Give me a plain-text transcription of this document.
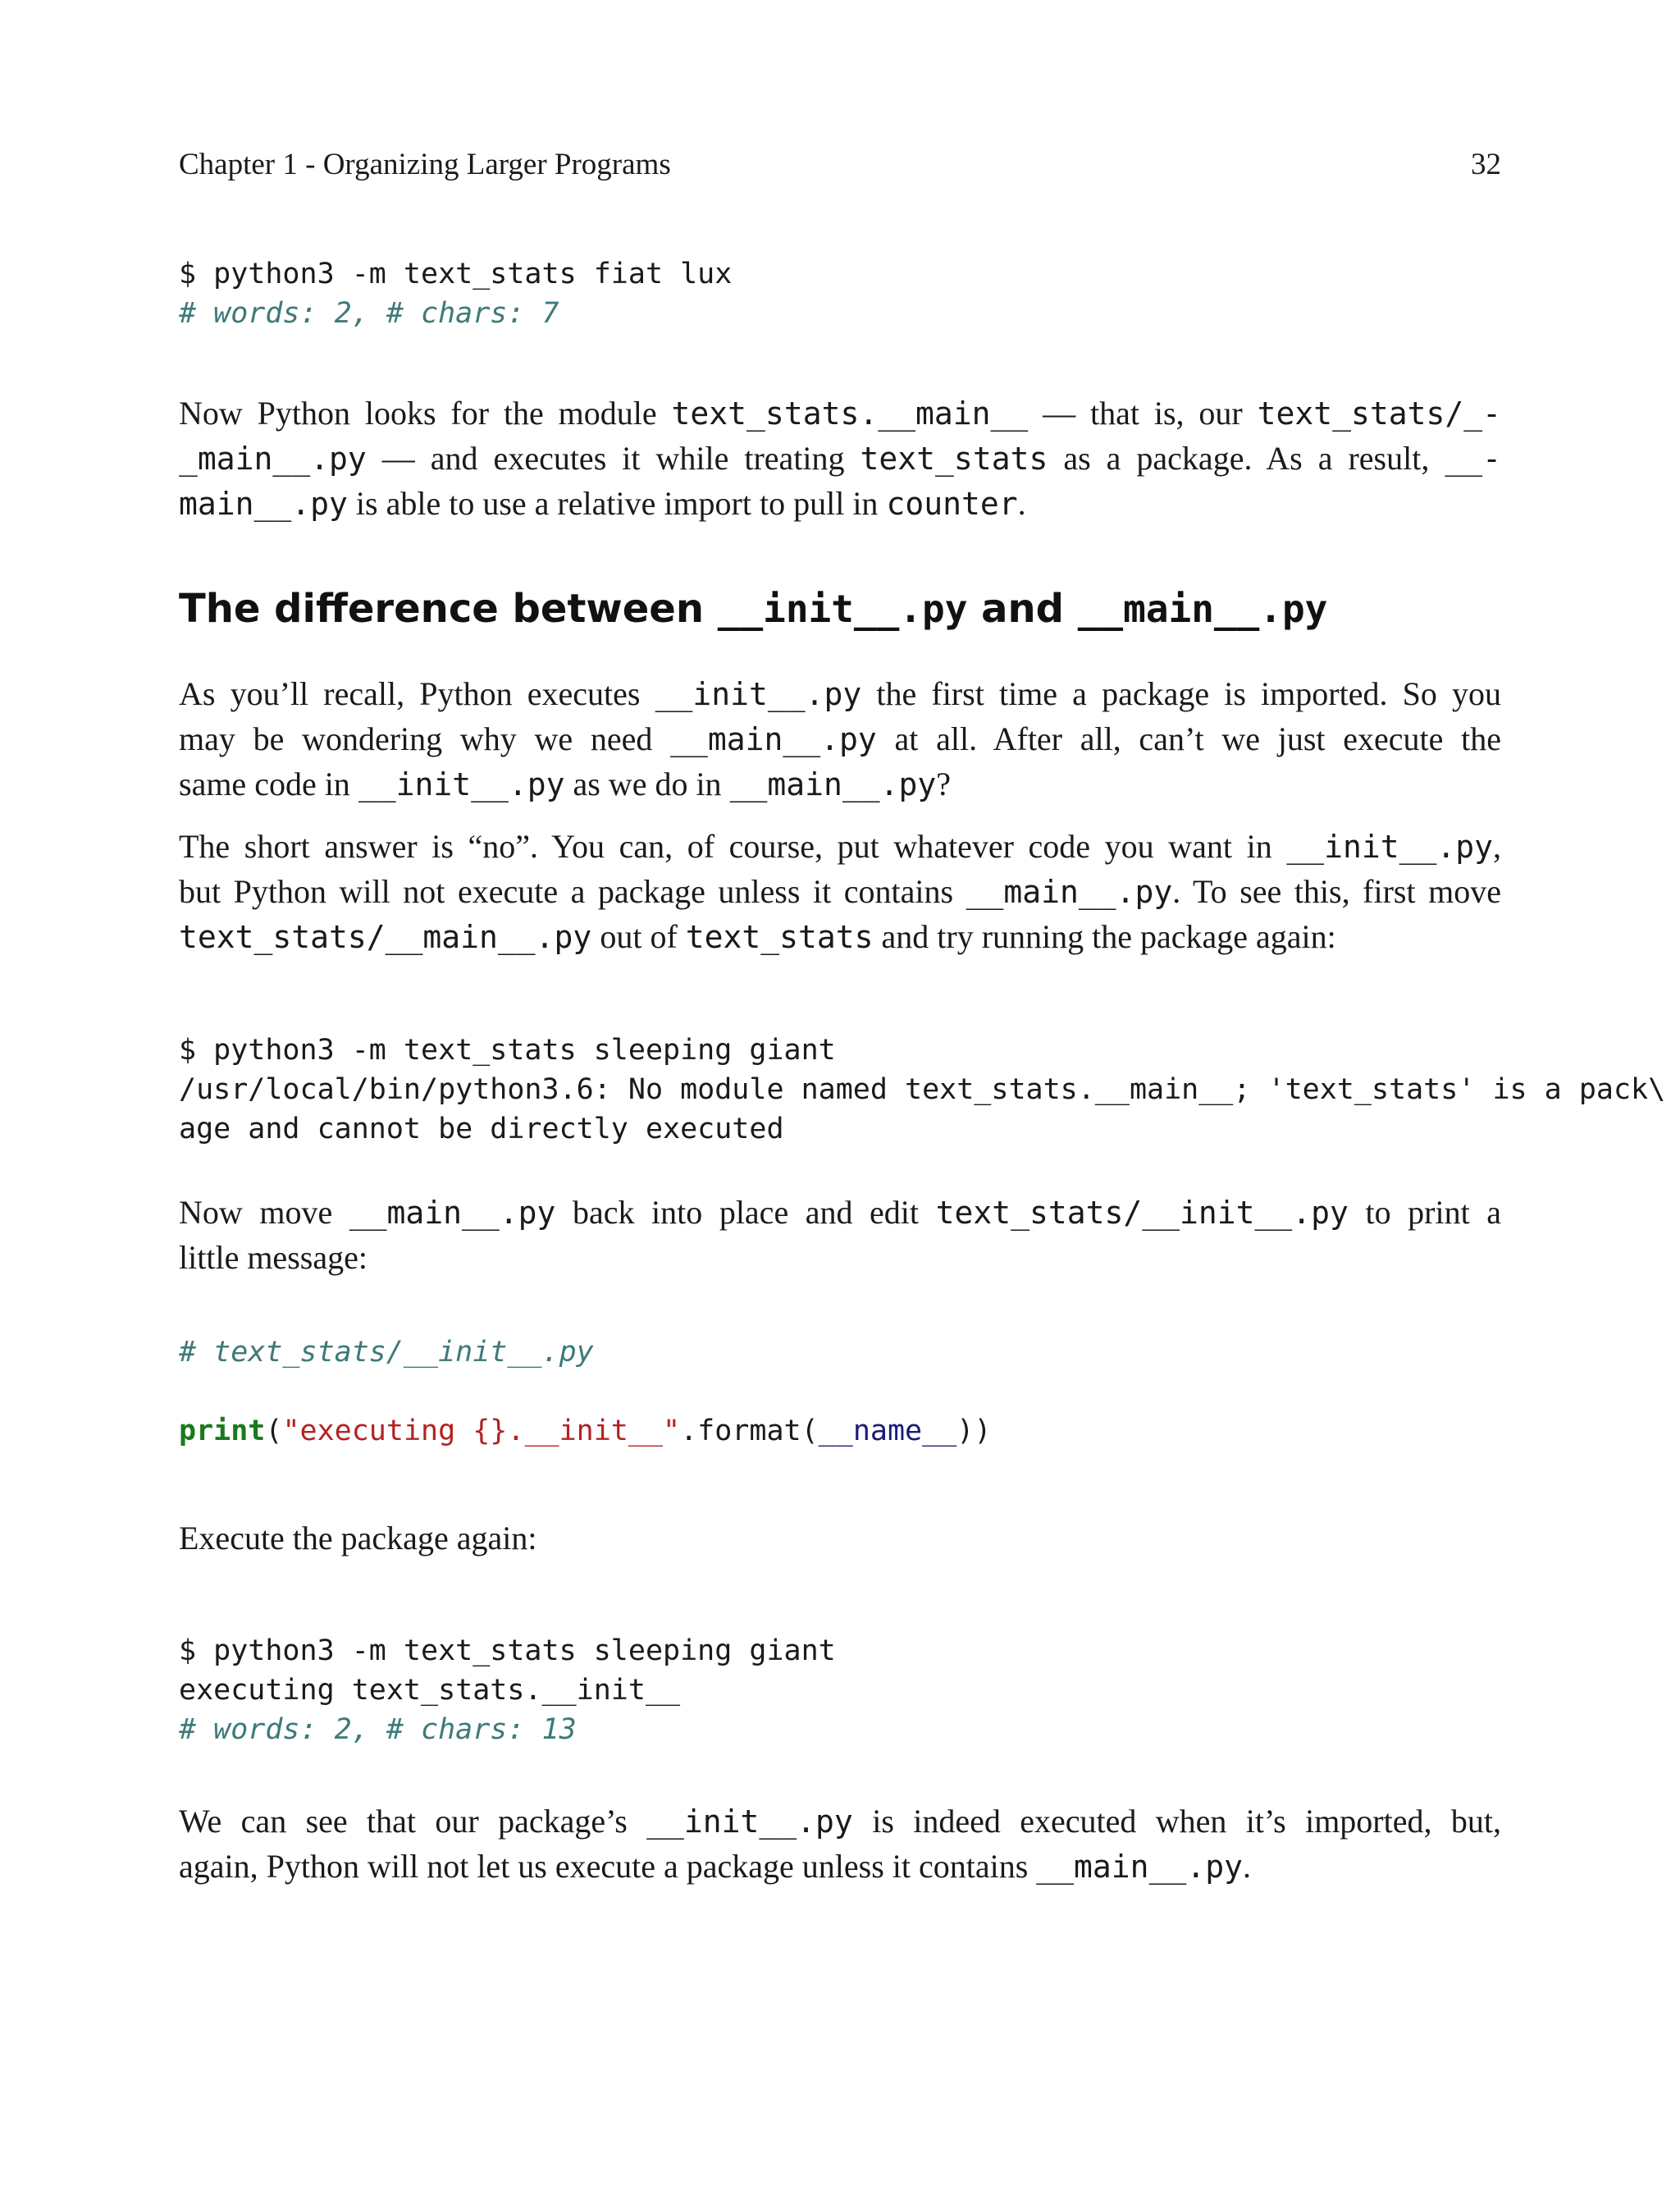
Chapter 1 - Organizing Larger Programs	32
$ python3 -m text_stats fiat lux
# words: 2, # chars: 7
Now Python looks for the module text_stats.__main__ — that is, our text_stats/_-
_main__.py — and executes it while treating text_stats as a package. As a result, __-
main__.py is able to use a relative import to pull in counter.
The difference between __init__.py and __main__.py
As you’ll recall, Python executes __init__.py the first time a package is imported. So you
may be wondering why we need __main__.py at all. After all, can’t we just execute the
same code in __init__.py as we do in __main__.py?
The short answer is “no”. You can, of course, put whatever code you want in __init__.py,
but Python will not execute a package unless it contains __main__.py. To see this, first move
text_stats/__main__.py out of text_stats and try running the package again:
$ python3 -m text_stats sleeping giant
/usr/local/bin/python3.6: No module named text_stats.__main__; 'text_stats' is a pack\
age and cannot be directly executed
Now move __main__.py back into place and edit text_stats/__init__.py to print a
little message:
# text_stats/__init__.py

print("executing {}.__init__".format(__name__))
Execute the package again:
$ python3 -m text_stats sleeping giant
executing text_stats.__init__
# words: 2, # chars: 13
We can see that our package’s __init__.py is indeed executed when it’s imported, but,
again, Python will not let us execute a package unless it contains __main__.py.
